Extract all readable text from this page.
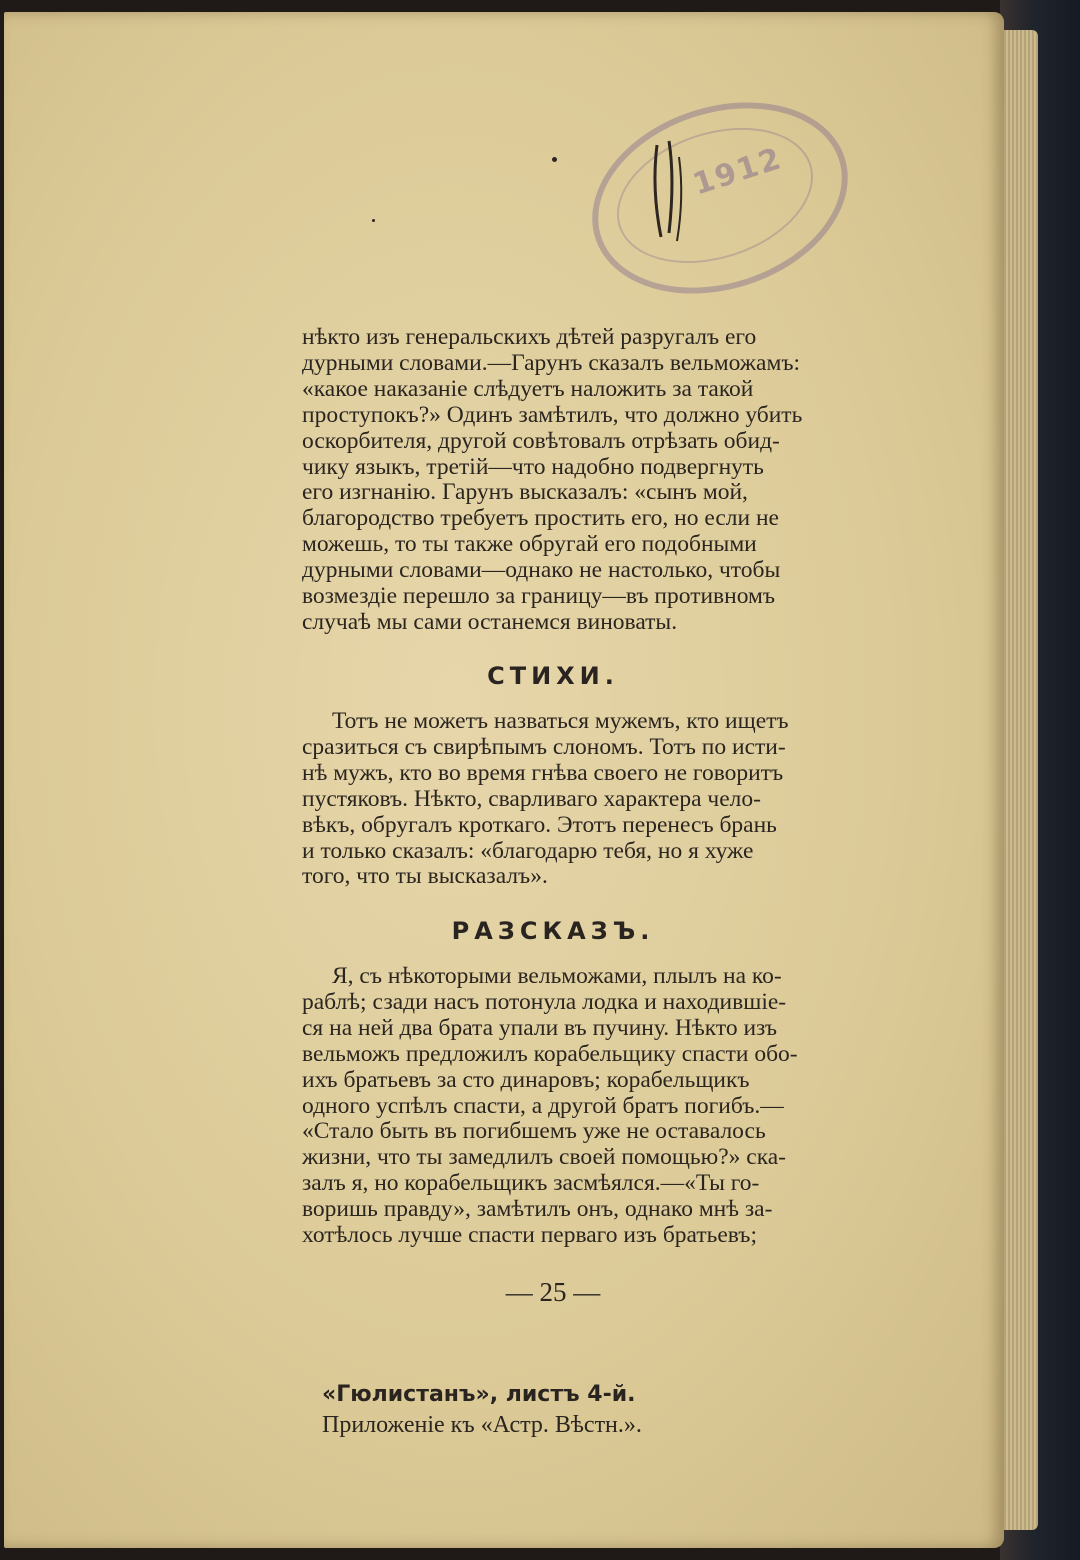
1912

нѣкто изъ генеральскихъ дѣтей разругалъ его

дурными словами.—Гарунъ сказалъ вельможамъ:

«какое наказаніе слѣдуетъ наложить за такой

проступокъ?» Одинъ замѣтилъ, что должно убить

оскорбителя, другой совѣтовалъ отрѣзать обид-

чику языкъ, третій—что надобно подвергнуть

его изгнанію. Гарунъ высказалъ: «сынъ мой,

благородство требуетъ простить его, но если не

можешь, то ты также обругай его подобными

дурными словами—однако не настолько, чтобы

возмездіе перешло за границу—въ противномъ

случаѣ мы сами останемся виноваты.

СТИХИ.

Тотъ не можетъ назваться мужемъ, кто ищетъ

сразиться съ свирѣпымъ слономъ. Тотъ по исти-

нѣ мужъ, кто во время гнѣва своего не говоритъ

пустяковъ. Нѣкто, сварливаго характера чело-

вѣкъ, обругалъ кроткаго. Этотъ перенесъ брань

и только сказалъ: «благодарю тебя, но я хуже

того, что ты высказалъ».

РАЗСКАЗЪ.

Я, съ нѣкоторыми вельможами, плылъ на ко-

раблѣ; сзади насъ потонула лодка и находившіе-

ся на ней два брата упали въ пучину. Нѣкто изъ

вельможъ предложилъ корабельщику спасти обо-

ихъ братьевъ за сто динаровъ; корабельщикъ

одного успѣлъ спасти, а другой братъ погибъ.—

«Стало быть въ погибшемъ уже не оставалось

жизни, что ты замедлилъ своей помощью?» ска-

залъ я, но корабельщикъ засмѣялся.—«Ты го-

воришь правду», замѣтилъ онъ, однако мнѣ за-

хотѣлось лучше спасти перваго изъ братьевъ;

— 25 —
«Гюлистанъ», листъ 4-й.
Приложеніе къ «Астр. Вѣстн.».
